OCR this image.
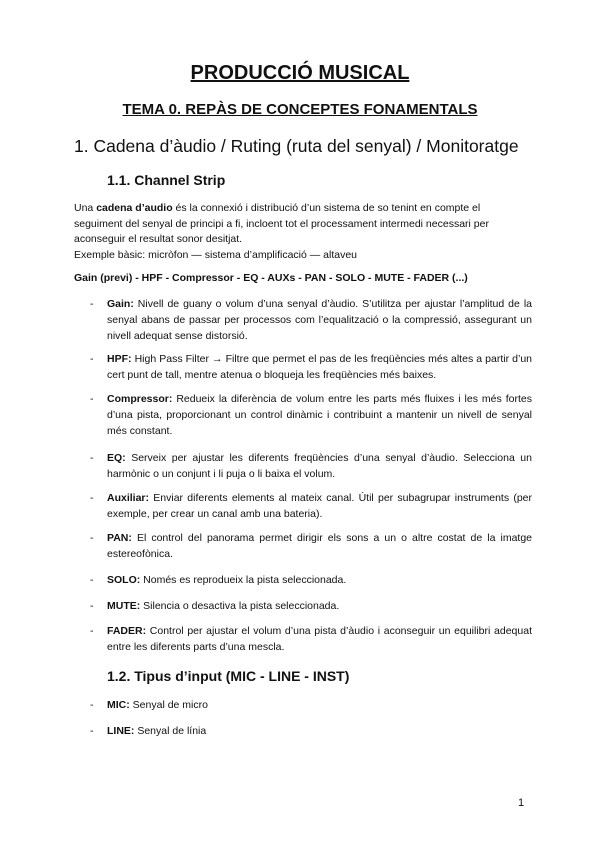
PRODUCCIÓ MUSICAL
TEMA 0. REPÀS DE CONCEPTES FONAMENTALS
1. Cadena d’àudio / Ruting (ruta del senyal) / Monitoratge
1.1. Channel Strip

Una cadena d’audio és la connexió i distribució d’un sistema de so tenint en compte el seguiment del senyal de principi a fi, incloent tot el processament intermedi necessari per aconseguir el resultat sonor desitjat.
Exemple bàsic: micròfon — sistema d’amplificació — altaveu

Gain (previ) - HPF - Compressor - EQ - AUXs - PAN - SOLO - MUTE - FADER (...)

- Gain: Nivell de guany o volum d’una senyal d’àudio. S’utilitza per ajustar l’amplitud de la senyal abans de passar per processos com l’equalització o la compressió, assegurant un nivell adequat sense distorsió.
- HPF: High Pass Filter → Filtre que permet el pas de les freqüències més altes a partir d’un cert punt de tall, mentre atenua o bloqueja les freqüències més baixes.
- Compressor: Redueix la diferència de volum entre les parts més fluixes i les més fortes d’una pista, proporcionant un control dinàmic i contribuint a mantenir un nivell de senyal més constant.
- EQ: Serveix per ajustar les diferents freqüències d’una senyal d’àudio. Selecciona un harmònic o un conjunt i li puja o li baixa el volum.
- Auxiliar: Enviar diferents elements al mateix canal. Útil per subagrupar instruments (per exemple, per crear un canal amb una bateria).
- PAN: El control del panorama permet dirigir els sons a un o altre costat de la imatge estereofònica.
- SOLO: Només es reprodueix la pista seleccionada.
- MUTE: Silencia o desactiva la pista seleccionada.
- FADER: Control per ajustar el volum d’una pista d’àudio i aconseguir un equilibri adequat entre les diferents parts d’una mescla.
1.2. Tipus d’input (MIC - LINE - INST)
- MIC: Senyal de micro
- LINE: Senyal de línia
1
